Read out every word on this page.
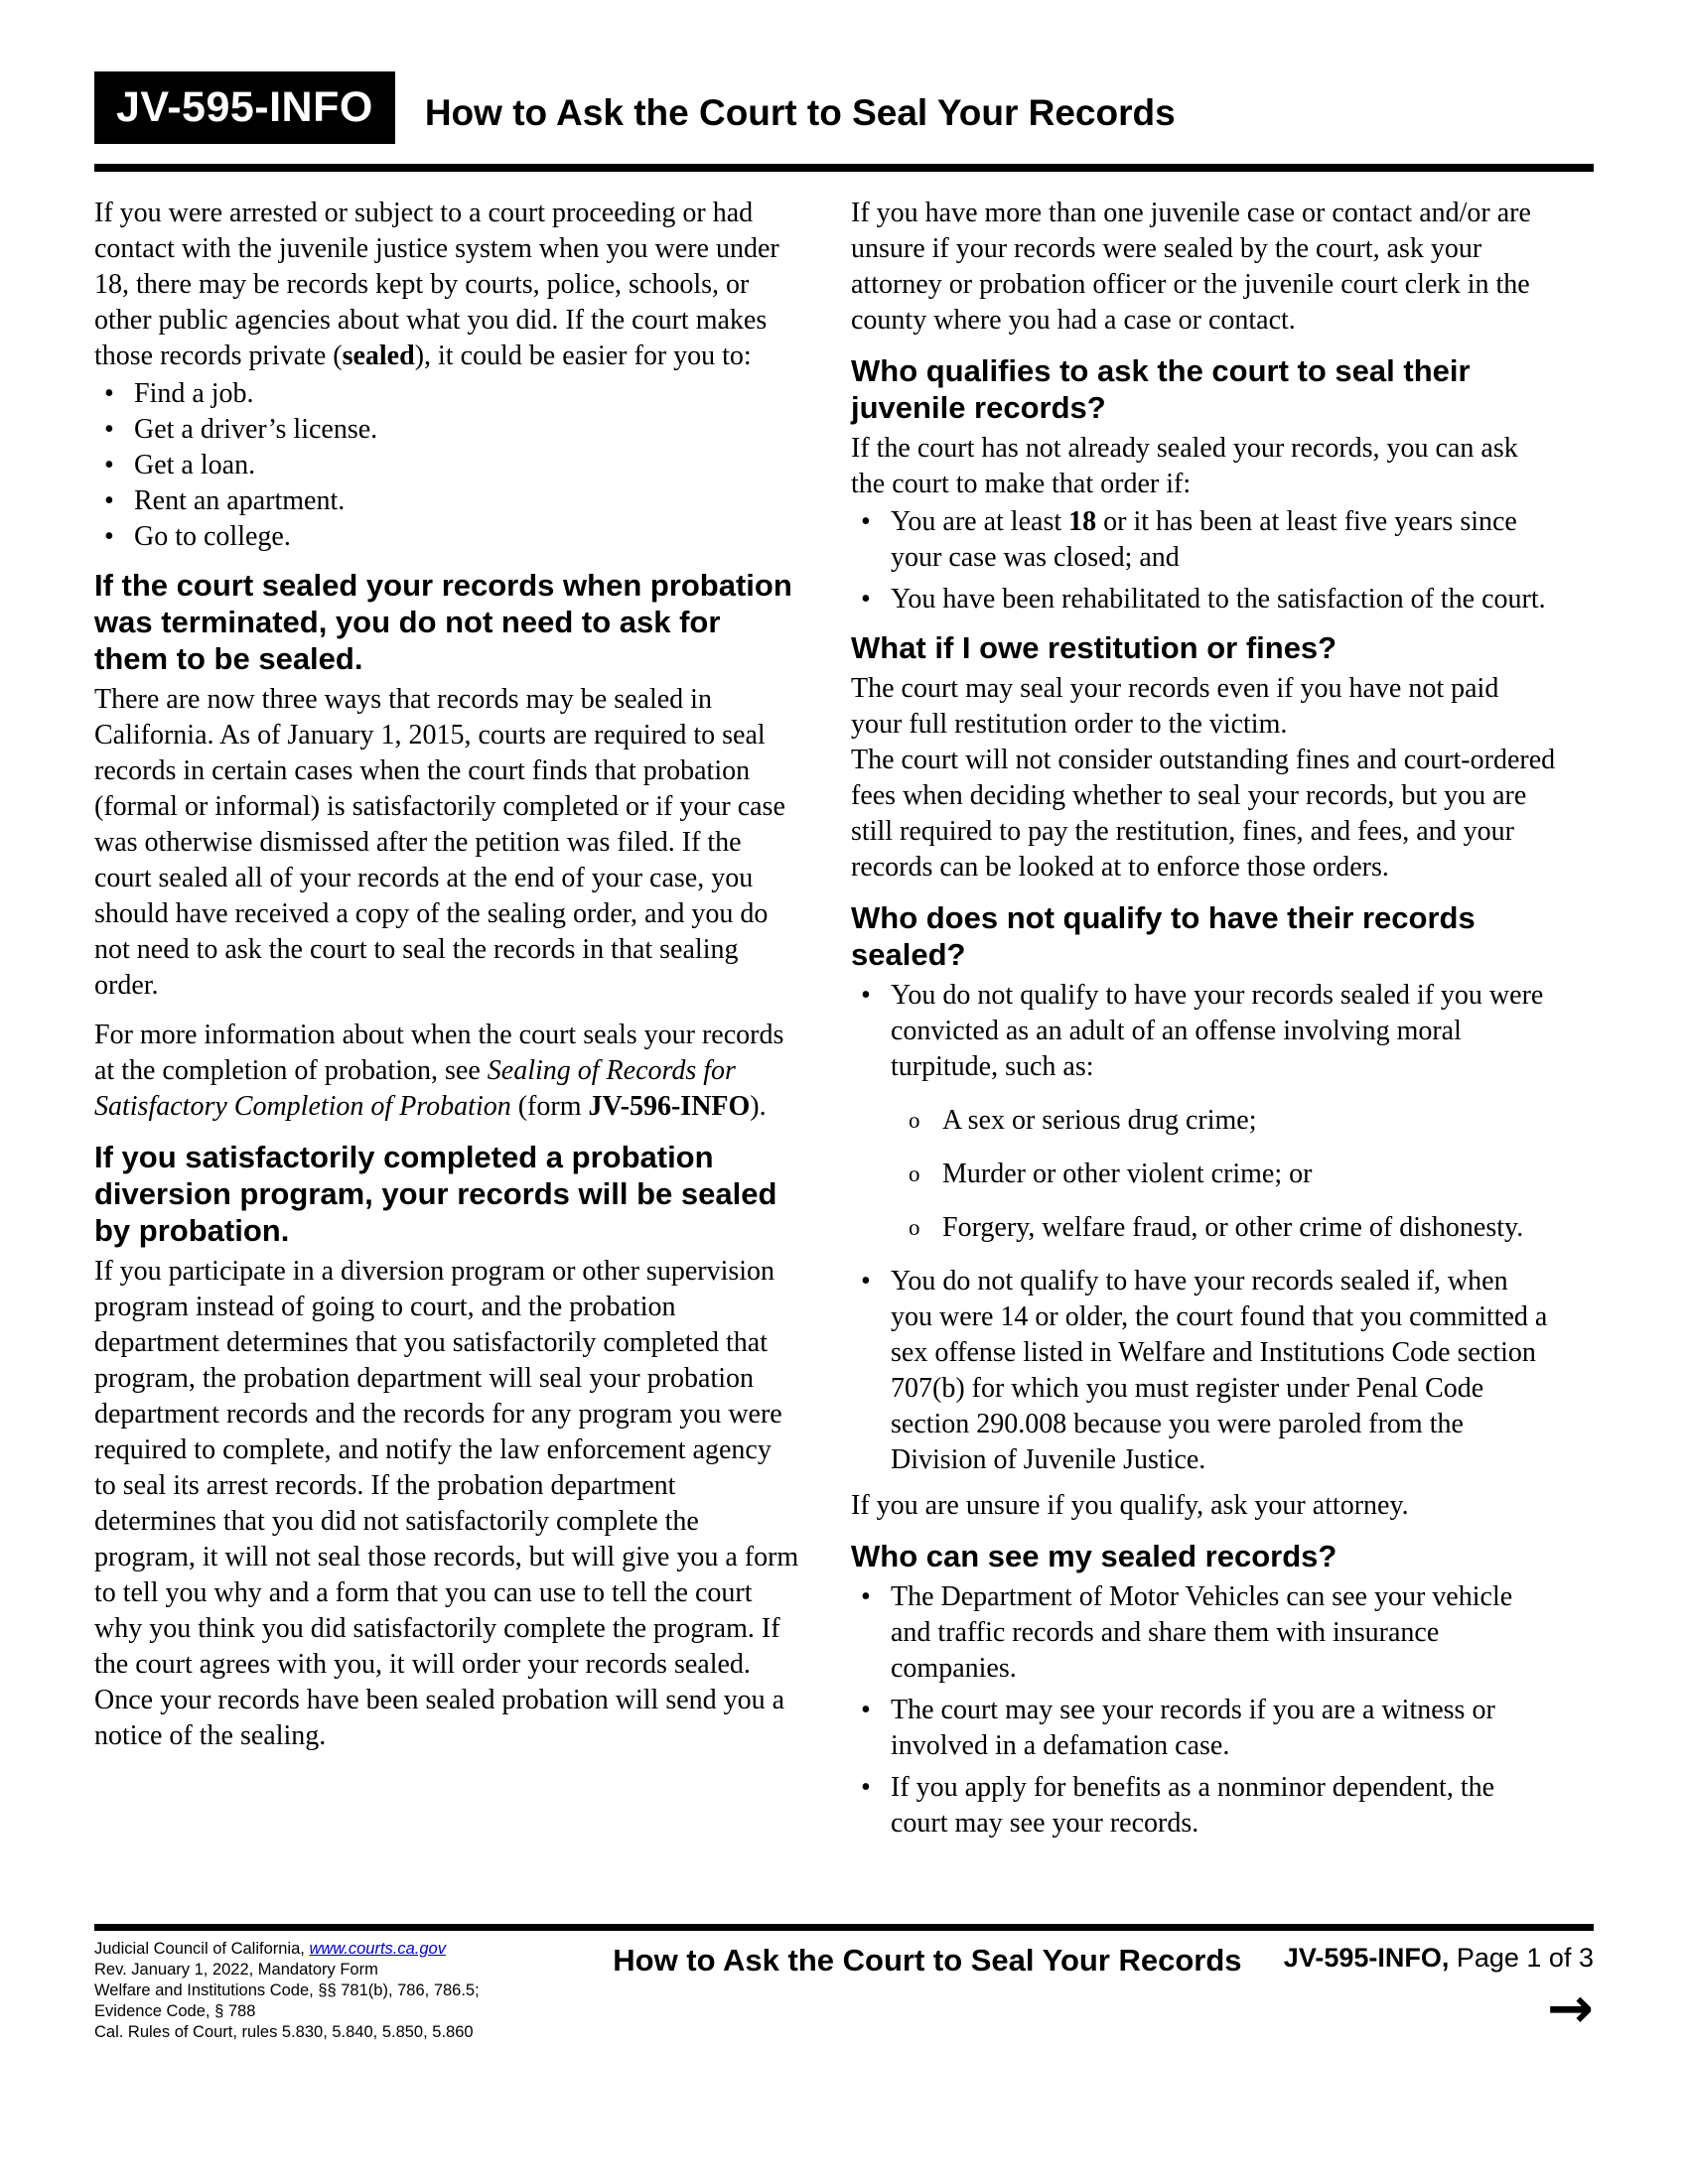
JV-595-INFO	How to Ask the Court to Seal Your Records

If you were arrested or subject to a court proceeding or had contact with the juvenile justice system when you were under 18, there may be records kept by courts, police, schools, or other public agencies about what you did. If the court makes those records private (sealed), it could be easier for you to:

• Find a job.
• Get a driver’s license.
• Get a loan.
• Rent an apartment.
• Go to college.
If the court sealed your records when probation was terminated, you do not need to ask for them to be sealed.

There are now three ways that records may be sealed in California. As of January 1, 2015, courts are required to seal records in certain cases when the court finds that probation (formal or informal) is satisfactorily completed or if your case was otherwise dismissed after the petition was filed. If the court sealed all of your records at the end of your case, you should have received a copy of the sealing order, and you do not need to ask the court to seal the records in that sealing order.

For more information about when the court seals your records at the completion of probation, see Sealing of Records for Satisfactory Completion of Probation (form JV-596-INFO).

If you satisfactorily completed a probation diversion program, your records will be sealed by probation.

If you participate in a diversion program or other supervision program instead of going to court, and the probation department determines that you satisfactorily completed that program, the probation department will seal your probation department records and the records for any program you were required to complete, and notify the law enforcement agency to seal its arrest records. If the probation department determines that you did not satisfactorily complete the program, it will not seal those records, but will give you a form to tell you why and a form that you can use to tell the court why you think you did satisfactorily complete the program. If the court agrees with you, it will order your records sealed. Once your records have been sealed probation will send you a notice of the sealing.

If you have more than one juvenile case or contact and/or are unsure if your records were sealed by the court, ask your attorney or probation officer or the juvenile court clerk in the county where you had a case or contact.

Who qualifies to ask the court to seal their juvenile records?

If the court has not already sealed your records, you can ask the court to make that order if:

• You are at least 18 or it has been at least five years since your case was closed; and
• You have been rehabilitated to the satisfaction of the court.
What if I owe restitution or fines?

The court may seal your records even if you have not paid your full restitution order to the victim.

The court will not consider outstanding fines and court-ordered fees when deciding whether to seal your records, but you are still required to pay the restitution, fines, and fees, and your records can be looked at to enforce those orders.

Who does not qualify to have their records sealed?
• You do not qualify to have your records sealed if you were convicted as an adult of an offense involving moral turpitude, such as:
o A sex or serious drug crime;
o Murder or other violent crime; or
o Forgery, welfare fraud, or other crime of dishonesty.
• You do not qualify to have your records sealed if, when you were 14 or older, the court found that you committed a sex offense listed in Welfare and Institutions Code section 707(b) for which you must register under Penal Code section 290.008 because you were paroled from the Division of Juvenile Justice.

If you are unsure if you qualify, ask your attorney.

Who can see my sealed records?
• The Department of Motor Vehicles can see your vehicle and traffic records and share them with insurance companies.
• The court may see your records if you are a witness or involved in a defamation case.
• If you apply for benefits as a nonminor dependent, the court may see your records.
Judicial Council of California, www.courts.ca.gov
Rev. January 1, 2022, Mandatory Form
Welfare and Institutions Code, §§ 781(b), 786, 786.5;
Evidence Code, § 788
Cal. Rules of Court, rules 5.830, 5.840, 5.850, 5.860
How to Ask the Court to Seal Your Records JV-595-INFO, Page 1 of 3
→
